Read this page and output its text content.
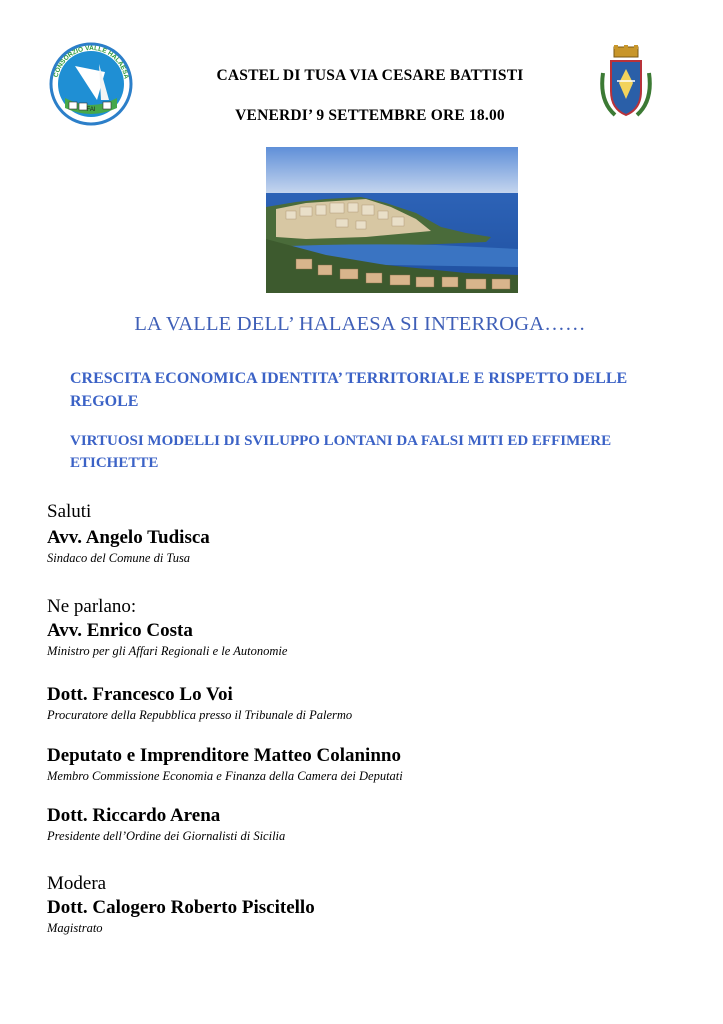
FAI
CONSORZIO VALLE HALAESA	CASTEL DI TUSA VIA CESARE BATTISTI
VENERDI’ 9 SETTEMBRE ORE 18.00
LA VALLE DELL’ HALAESA SI INTERROGA……
CRESCITA ECONOMICA IDENTITA’ TERRITORIALE E RISPETTO DELLE REGOLE
VIRTUOSI MODELLI DI SVILUPPO LONTANI DA FALSI MITI ED EFFIMERE ETICHETTE
Saluti
Avv. Angelo Tudisca
Sindaco del Comune di Tusa
Ne parlano:
Avv. Enrico Costa
Ministro per gli Affari Regionali e le Autonomie
Dott. Francesco Lo Voi
Procuratore della Repubblica presso il Tribunale di Palermo
Deputato e Imprenditore Matteo Colaninno
Membro Commissione Economia e Finanza della Camera dei Deputati
Dott. Riccardo Arena
Presidente dell’Ordine dei Giornalisti di Sicilia
Modera
Dott. Calogero Roberto Piscitello
Magistrato
